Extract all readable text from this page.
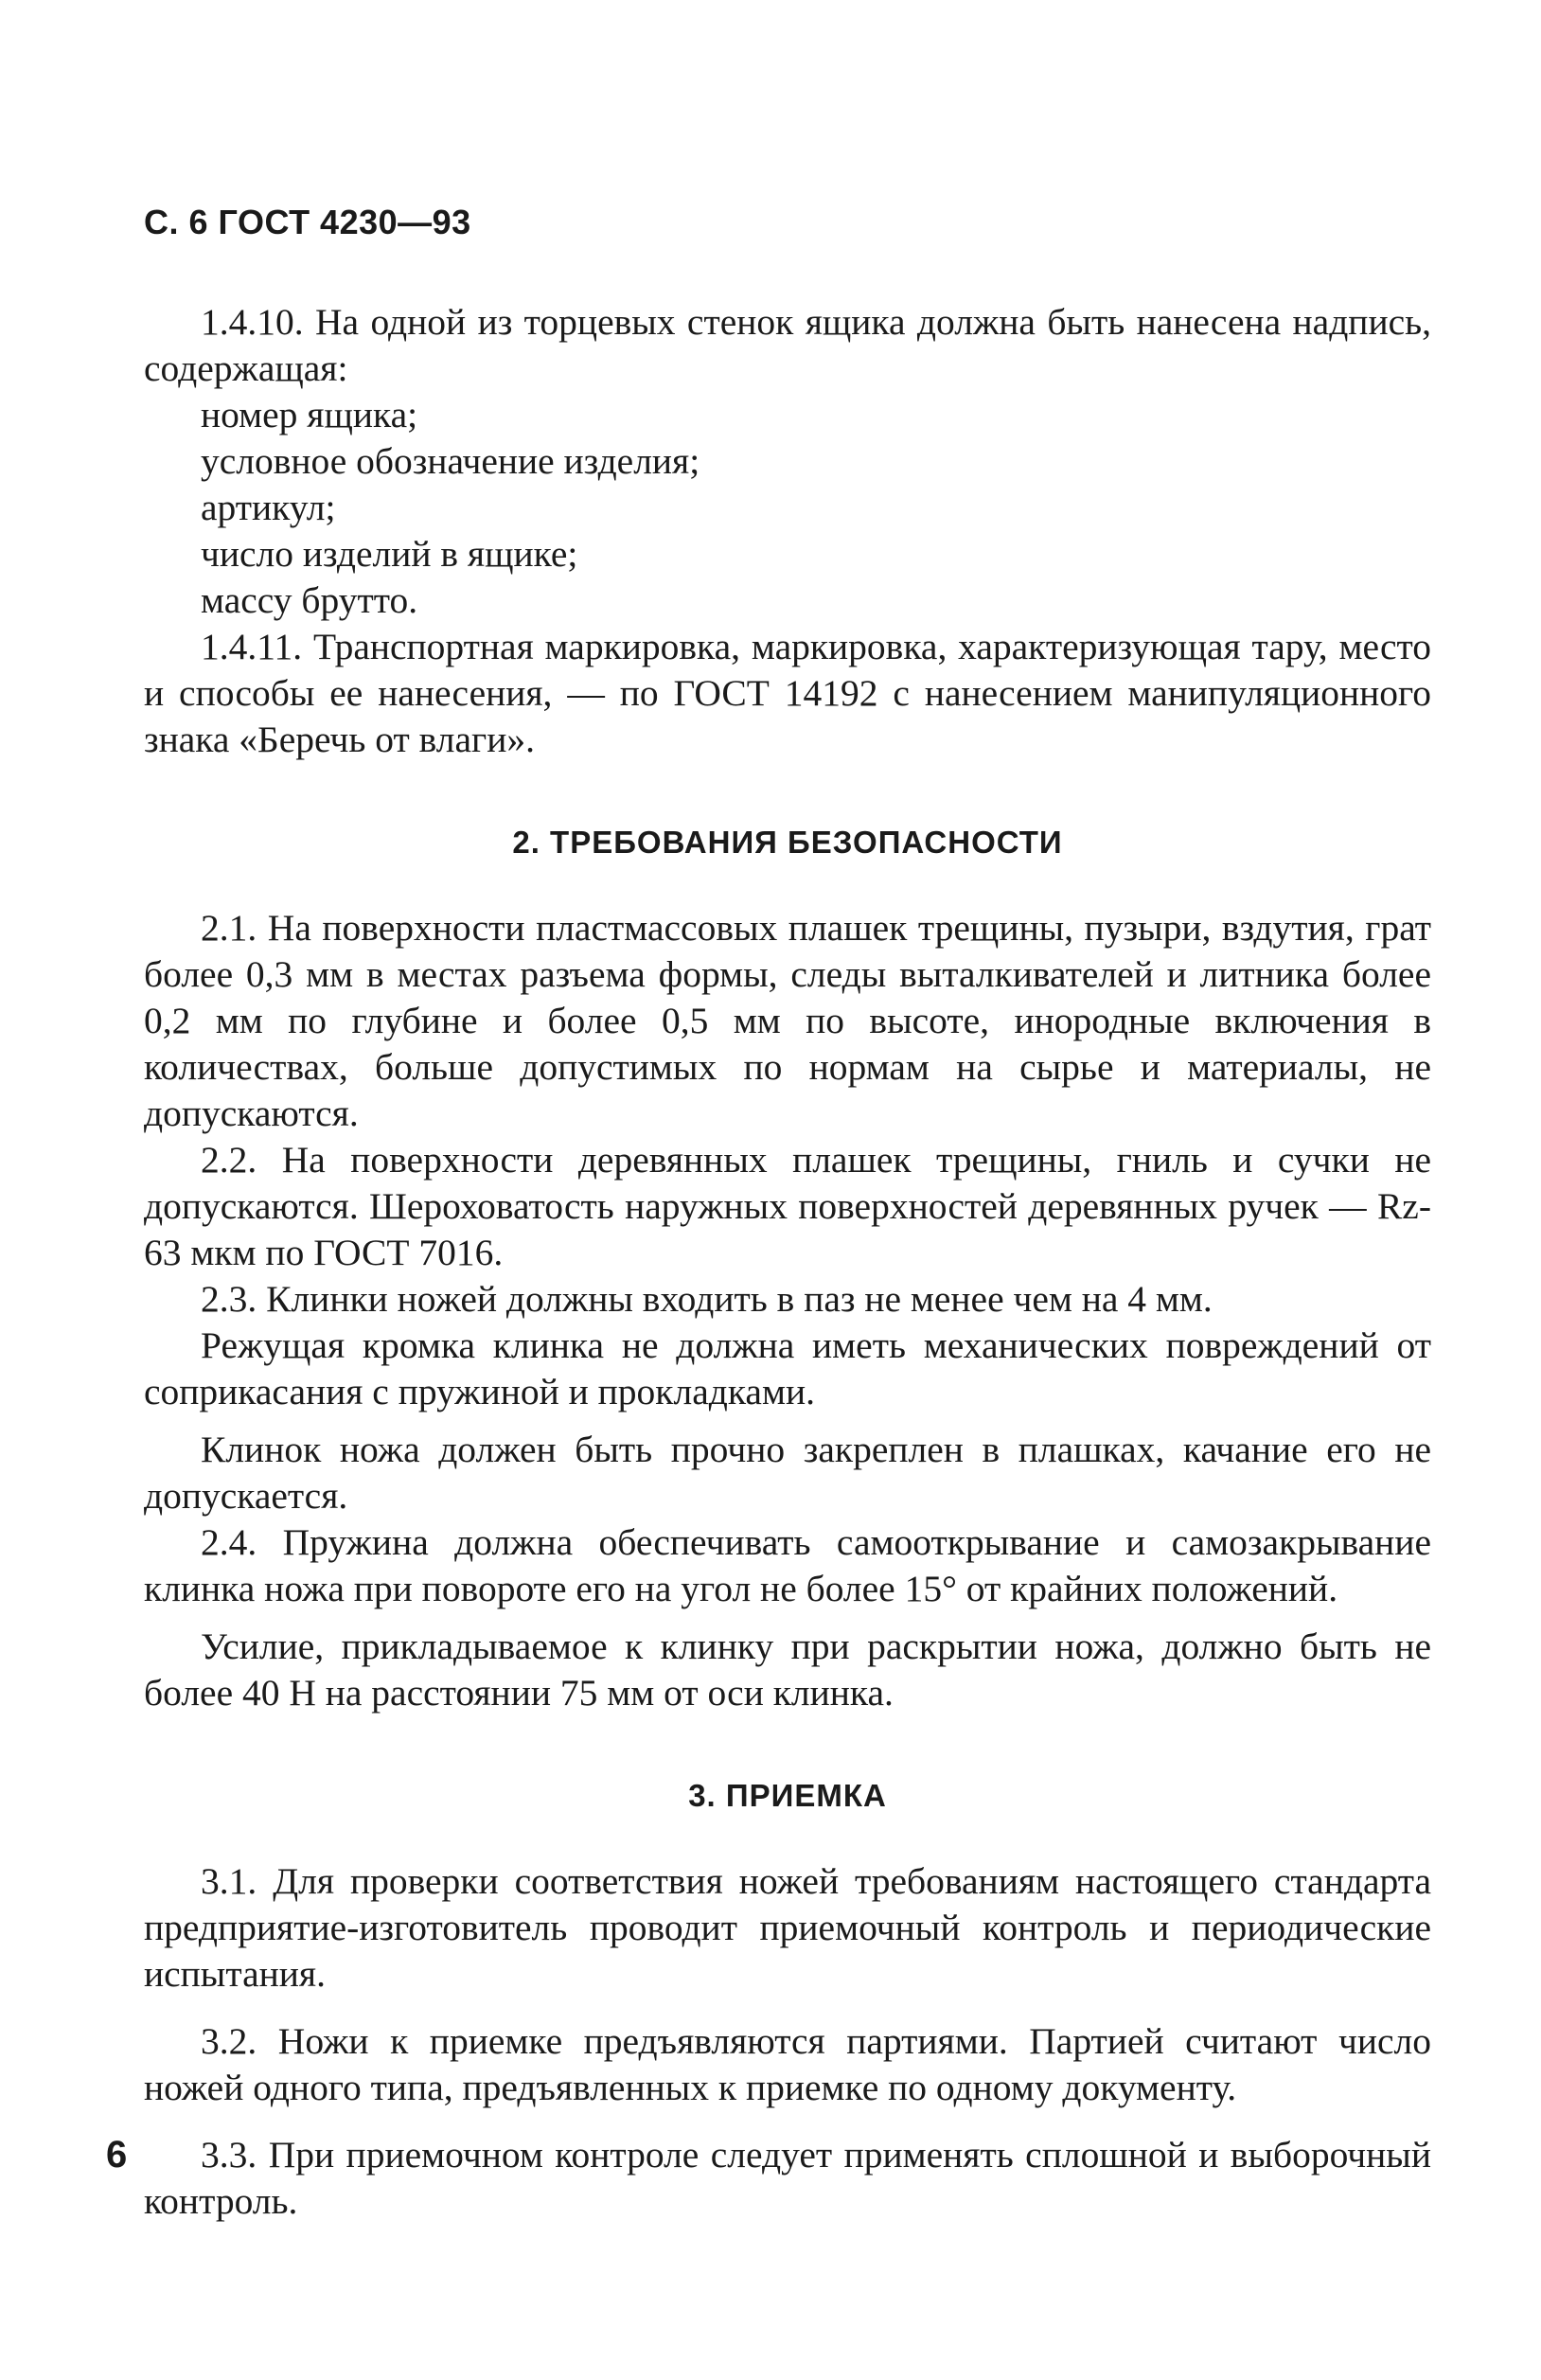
С. 6 ГОСТ 4230—93

1.4.10. На одной из торцевых стенок ящика должна быть нанесена надпись, содержащая:

номер ящика;

условное обозначение изделия;

артикул;

число изделий в ящике;

массу брутто.

1.4.11. Транспортная маркировка, маркировка, характеризующая тару, место и способы ее нанесения, — по ГОСТ 14192 с нанесением манипуляционного знака «Беречь от влаги».

2. ТРЕБОВАНИЯ БЕЗОПАСНОСТИ

2.1. На поверхности пластмассовых плашек трещины, пузыри, вздутия, грат более 0,3 мм в местах разъема формы, следы выталкивателей и литника более 0,2 мм по глубине и более 0,5 мм по высоте, инородные включения в количествах, больше допустимых по нормам на сырье и материалы, не допускаются.

2.2. На поверхности деревянных плашек трещины, гниль и сучки не допускаются. Шероховатость наружных поверхностей деревянных ручек — Rz-63 мкм по ГОСТ 7016.

2.3. Клинки ножей должны входить в паз не менее чем на 4 мм.

Режущая кромка клинка не должна иметь механических повреждений от соприкасания с пружиной и прокладками.

Клинок ножа должен быть прочно закреплен в плашках, качание его не допускается.

2.4. Пружина должна обеспечивать самооткрывание и самозакрывание клинка ножа при повороте его на угол не более 15° от крайних положений.

Усилие, прикладываемое к клинку при раскрытии ножа, должно быть не более 40 Н на расстоянии 75 мм от оси клинка.

3. ПРИЕМКА

3.1. Для проверки соответствия ножей требованиям настоящего стандарта предприятие-изготовитель проводит приемочный контроль и периодические испытания.

3.2. Ножи к приемке предъявляются партиями. Партией считают число ножей одного типа, предъявленных к приемке по одному документу.

3.3. При приемочном контроле следует применять сплошной и выборочный контроль.

6
